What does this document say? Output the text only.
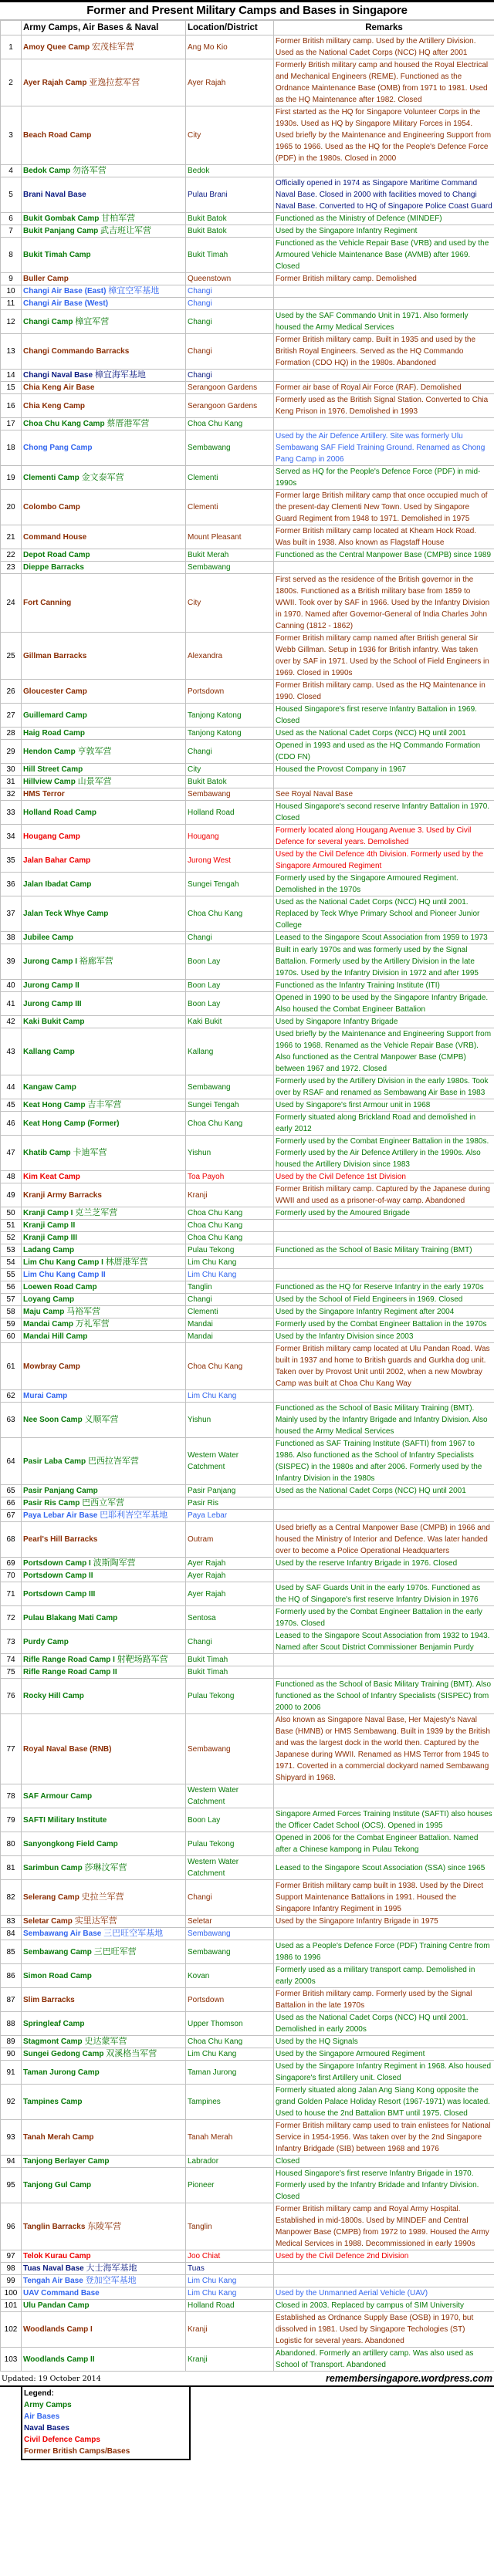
Former and Present Military Camps and Bases in Singapore
	Army Camps, Air Bases & Naval	Location/District	Remarks
1	Amoy Quee Camp 宏茂桂军营	Ang Mo Kio	Former British military camp. Used by the Artillery Division. Used as the National Cadet Corps (NCC) HQ after 2001
2	Ayer Rajah Camp 亚逸拉惹军营	Ayer Rajah	Formerly British military camp and housed the Royal Electrical and Mechanical Engineers (REME). Functioned as the Ordnance Maintenance Base (OMB) from 1971 to 1981. Used as the HQ Maintenance after 1982. Closed
3	Beach Road Camp	City	First started as the HQ for Singapore Volunteer Corps in the 1930s. Used as HQ by Singapore Military Forces in 1954. Used briefly by the Maintenance and Engineering Support from 1965 to 1966. Used as the HQ for the People's Defence Force (PDF) in the 1980s. Closed in 2000
4	Bedok Camp 勿洛军营	Bedok	
5	Brani Naval Base	Pulau Brani	Officially opened in 1974 as Singapore Maritime Command Naval Base. Closed in 2000 with facilities moved to Changi Naval Base. Converted to HQ of Singapore Police Coast Guard
6	Bukit Gombak Camp 甘柏军营	Bukit Batok	Functioned as the Ministry of Defence (MINDEF)
7	Bukit Panjang Camp 武吉班让军营	Bukit Batok	Used by the Singapore Infantry Regiment
8	Bukit Timah Camp	Bukit Timah	Functioned as the Vehicle Repair Base (VRB) and used by the Armoured Vehicle Maintenance Base (AVMB) after 1969. Closed
9	Buller Camp	Queenstown	Former British military camp. Demolished
10	Changi Air Base (East) 樟宜空军基地	Changi	
11	Changi Air Base (West)	Changi	
12	Changi Camp 樟宜军营	Changi	Used by the SAF Commando Unit in 1971. Also formerly housed the Army Medical Services
13	Changi Commando Barracks	Changi	Former British military camp. Built in 1935 and used by the British Royal Engineers. Served as the HQ Commando Formation (CDO HQ) in the 1980s. Abandoned
14	Changi Naval Base 樟宜海军基地	Changi	
15	Chia Keng Air Base	Serangoon Gardens	Former air base of Royal Air Force (RAF). Demolished
16	Chia Keng Camp	Serangoon Gardens	Formerly used as the British Signal Station. Converted to Chia Keng Prison in 1976. Demolished in 1993
17	Choa Chu Kang Camp 蔡厝港军营	Choa Chu Kang	
18	Chong Pang Camp	Sembawang	Used by the Air Defence Artillery. Site was formerly Ulu Sembawang SAF Field Training Ground. Renamed as Chong Pang Camp in 2006
19	Clementi Camp 金文泰军营	Clementi	Served as HQ for the People's Defence Force (PDF) in mid-1990s
20	Colombo Camp	Clementi	Former large British military camp that once occupied much of the present-day Clementi New Town. Used by Singapore Guard Regiment from 1948 to 1971. Demolished in 1975
21	Command House	Mount Pleasant	Former British military camp located at Kheam Hock Road. Was built in 1938. Also known as Flagstaff House
22	Depot Road Camp	Bukit Merah	Functioned as the Central Manpower Base (CMPB) since 1989
23	Dieppe Barracks	Sembawang	
24	Fort Canning	City	First served as the residence of the British governor in the 1800s. Functioned as a British military base from 1859 to WWII. Took over by SAF in 1966. Used by the Infantry Division in 1970. Named after Governor-General of India Charles John Canning (1812 - 1862)
25	Gillman Barracks	Alexandra	Former British military camp named after British general Sir Webb Gillman. Setup in 1936 for British infantry. Was taken over by SAF in 1971. Used by the School of Field Engineers in 1969. Closed in 1990s
26	Gloucester Camp	Portsdown	Former British military camp. Used as the HQ Maintenance in 1990. Closed
27	Guillemard Camp	Tanjong Katong	Housed Singapore's first reserve Infantry Battalion in 1969. Closed
28	Haig Road Camp	Tanjong Katong	Used as the National Cadet Corps (NCC) HQ until 2001
29	Hendon Camp 亨敦军营	Changi	Opened in 1993 and used as the HQ Commando Formation (CDO FN)
30	Hill Street Camp	City	Housed the Provost Company in 1967
31	Hillview Camp 山景军营	Bukit Batok	
32	HMS Terror	Sembawang	See Royal Naval Base
33	Holland Road Camp	Holland Road	Housed Singapore's second reserve Infantry Battalion in 1970. Closed
34	Hougang Camp	Hougang	Formerly located along Hougang Avenue 3. Used by Civil Defence for several years. Demolished
35	Jalan Bahar Camp	Jurong West	Used by the Civil Defence 4th Division. Formerly used by the Singapore Armoured Regiment
36	Jalan Ibadat Camp	Sungei Tengah	Formerly used by the Singapore Armoured Regiment. Demolished in the 1970s
37	Jalan Teck Whye Camp	Choa Chu Kang	Used as the National Cadet Corps (NCC) HQ until 2001. Replaced by Teck Whye Primary School and Pioneer Junior College
38	Jubilee Camp	Changi	Leased to the Singapore Scout Association from 1959 to 1973
39	Jurong Camp I 裕廊军营	Boon Lay	Built in early 1970s and was formerly used by the Signal Battalion. Formerly used by the Artillery Division in the late 1970s. Used by the Infantry Division in 1972 and after 1995
40	Jurong Camp II	Boon Lay	Functioned as the Infantry Training Institute (ITI)
41	Jurong Camp III	Boon Lay	Opened in 1990 to be used by the Singapore Infantry Brigade. Also housed the Combat Engineer Battalion
42	Kaki Bukit Camp	Kaki Bukit	Used by Singapore Infantry Brigade
43	Kallang Camp	Kallang	Used briefly by the Maintenance and Engineering Support from 1966 to 1968. Renamed as the Vehicle Repair Base (VRB). Also functioned as the Central Manpower Base (CMPB) between 1967 and 1972. Closed
44	Kangaw Camp	Sembawang	Formerly used by the Artillery Division in the early 1980s. Took over by RSAF and renamed as Sembawang Air Base in 1983
45	Keat Hong Camp 吉丰军营	Sungei Tengah	Used by Singapore's first Armour unit in 1968
46	Keat Hong Camp (Former)	Choa Chu Kang	Formerly situated along Brickland Road and demolished in early 2012
47	Khatib Camp 卡迪军营	Yishun	Formerly used by the Combat Engineer Battalion in the 1980s. Formerly used by the Air Defence Artillery in the 1990s. Also housed the Artillery Division since 1983
48	Kim Keat Camp	Toa Payoh	Used by the Civil Defence 1st Division
49	Kranji Army Barracks	Kranji	Former British military camp. Captured by the Japanese during WWII and used as a prisoner-of-way camp. Abandoned
50	Kranji Camp I 克兰芝军营	Choa Chu Kang	Formerly used by the Amoured Brigade
51	Kranji Camp II	Choa Chu Kang	
52	Kranji Camp III	Choa Chu Kang	
53	Ladang Camp	Pulau Tekong	Functioned as the School of Basic Military Training (BMT)
54	Lim Chu Kang Camp I 林厝港军营	Lim Chu Kang	
55	Lim Chu Kang Camp II	Lim Chu Kang	
56	Loewen Road Camp	Tanglin	Functioned as the HQ for Reserve Infantry in the early 1970s
57	Loyang Camp	Changi	Used by the School of Field Engineers in 1969. Closed
58	Maju Camp 马裕军营	Clementi	Used by the Singapore Infantry Regiment after 2004
59	Mandai Camp 万礼军营	Mandai	Formerly used by the Combat Engineer Battalion in the 1970s
60	Mandai Hill Camp	Mandai	Used by the Infantry Division since 2003
61	Mowbray Camp	Choa Chu Kang	Former British military camp located at Ulu Pandan Road. Was built in 1937 and home to British guards and Gurkha dog unit. Taken over by Provost Unit until 2002, when a new Mowbray Camp was built at Choa Chu Kang Way
62	Murai Camp	Lim Chu Kang	
63	Nee Soon Camp 义顺军营	Yishun	Functioned as the School of Basic Military Training (BMT). Mainly used by the Infantry Brigade and Infantry Division. Also housed the Army Medical Services
64	Pasir Laba Camp 巴西拉峇军营	Western Water Catchment	Functioned as SAF Training Institute (SAFTI) from 1967 to 1986. Also functioned as the School of Infantry Specialists (SISPEC) in the 1980s and after 2006. Formerly used by the Infantry Division in the 1980s
65	Pasir Panjang Camp	Pasir Panjang	Used as the National Cadet Corps (NCC) HQ until 2001
66	Pasir Ris Camp 巴西立军营	Pasir Ris	
67	Paya Lebar Air Base 巴耶利峇空军基地	Paya Lebar	
68	Pearl's Hill Barracks	Outram	Used briefly as a Central Manpower Base (CMPB) in 1966 and housed the Ministry of Interior and Defence. Was later handed over to become a Police Operational Headquarters
69	Portsdown Camp I 波斯陶军营	Ayer Rajah	Used by the reserve Infantry Brigade in 1976. Closed
70	Portsdown Camp II	Ayer Rajah	
71	Portsdown Camp III	Ayer Rajah	Used by SAF Guards Unit in the early 1970s. Functioned as the HQ of Singapore's first reserve Infantry Division in 1976
72	Pulau Blakang Mati Camp	Sentosa	Formerly used by the Combat Engineer Battalion in the early 1970s. Closed
73	Purdy Camp	Changi	Leased to the Singapore Scout Association from 1932 to 1943. Named after Scout District Commissioner Benjamin Purdy
74	Rifle Range Road Camp I 射靶场路军营	Bukit Timah	
75	Rifle Range Road Camp II	Bukit Timah	
76	Rocky Hill Camp	Pulau Tekong	Functioned as the School of Basic Military Training (BMT). Also functioned as the School of Infantry Specialists (SISPEC) from 2000 to 2006
77	Royal Naval Base (RNB)	Sembawang	Also known as Singapore Naval Base, Her Majesty's Naval Base (HMNB) or HMS Sembawang. Built in 1939 by the British and was the largest dock in the world then. Captured by the Japanese during WWII. Renamed as HMS Terror from 1945 to 1971. Coverted in a commercial dockyard named Sembawang Shipyard in 1968.
78	SAF Armour Camp	Western Water Catchment	
79	SAFTI Military Institute	Boon Lay	Singapore Armed Forces Training Institute (SAFTI) also houses the Officer Cadet School (OCS). Opened in 1995
80	Sanyongkong Field Camp	Pulau Tekong	Opened in 2006 for the Combat Engineer Battalion. Named after a Chinese kampong in Pulau Tekong
81	Sarimbun Camp 莎琳汶军营	Western Water Catchment	Leased to the Singapore Scout Association (SSA) since 1965
82	Selerang Camp 史拉兰军营	Changi	Former British military camp built in 1938. Used by the Direct Support Maintenance Battalions in 1991. Housed the Singapore Infantry Regiment in 1995
83	Seletar Camp 实里达军营	Seletar	Used by the Singapore Infantry Brigade in 1975
84	Sembawang Air Base 三巴旺空军基地	Sembawang	
85	Sembawang Camp 三巴旺军营	Sembawang	Used as a People's Defence Force (PDF) Training Centre from 1986 to 1996
86	Simon Road Camp	Kovan	Formerly used as a military transport camp. Demolished in early 2000s
87	Slim Barracks	Portsdown	Former British military camp. Formerly used by the Signal Battalion in the late 1970s
88	Springleaf Camp	Upper Thomson	Used as the National Cadet Corps (NCC) HQ until 2001. Demolished in early 2000s
89	Stagmont Camp 史达蒙军营	Choa Chu Kang	Used by the HQ Signals
90	Sungei Gedong Camp 双溪格当军营	Lim Chu Kang	Used by the Singapore Armoured Regiment
91	Taman Jurong Camp	Taman Jurong	Used by the Singapore Infantry Regiment in 1968. Also housed Singapore's first Artillery unit. Closed
92	Tampines Camp	Tampines	Formerly situated along Jalan Ang Siang Kong opposite the grand Golden Palace Holiday Resort (1967-1971) was located. Used to house the 2nd Battalion BMT until 1975. Closed
93	Tanah Merah Camp	Tanah Merah	Former British military camp used to train enlistees for National Service in 1954-1956. Was taken over by the 2nd Singapore Infantry Bridgade (SIB) between 1968 and 1976
94	Tanjong Berlayer Camp	Labrador	Closed
95	Tanjong Gul Camp	Pioneer	Housed Singapore's first reserve Infantry Brigade in 1970. Formerly used by the Infantry Bridade and Infantry Division. Closed
96	Tanglin Barracks 东陵军营	Tanglin	Former British military camp and Royal Army Hospital. Established in mid-1800s. Used by MINDEF and Central Manpower Base (CMPB) from 1972 to 1989. Housed the Army Medical Services in 1988. Decommissioned in early 1990s
97	Telok Kurau Camp	Joo Chiat	Used by the Civil Defence 2nd Division
98	Tuas Naval Base 大士海军基地	Tuas	
99	Tengah Air Base 登加空军基地	Lim Chu Kang	
100	UAV Command Base	Lim Chu Kang	Used by the Unmanned Aerial Vehicle (UAV)
101	Ulu Pandan Camp	Holland Road	Closed in 2003. Replaced by campus of SIM University
102	Woodlands Camp I	Kranji	Established as Ordnance Supply Base (OSB) in 1970, but dissolved in 1981. Used by Singapore Techologies (ST) Logistic for several years. Abandoned
103	Woodlands Camp II	Kranji	Abandoned. Formerly an artillery camp. Was also used as School of Transport. Abandoned
Updated: 19 October 2014	remembersingapore.wordpress.com
Legend:
Army Camps
Air Bases
Naval Bases
Civil Defence Camps
Former British Camps/Bases
